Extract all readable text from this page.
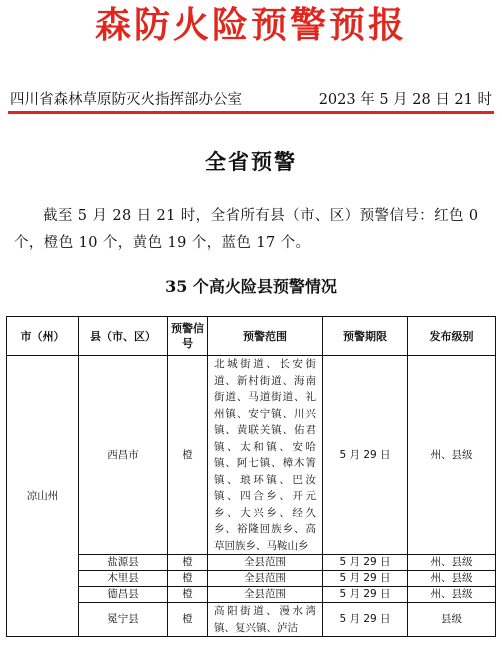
森防火险预警预报
四川省森林草原防灭火指挥部办公室	2023 年 5 月 28 日 21 时
全省预警
截至 5 月 28 日 21 时，全省所有县（市、区）预警信号：红色 0 个，橙色 10 个，黄色 19 个，蓝色 17 个。
35 个高火险县预警情况
市（州）	县（市、区）	预警信号	预警范围	预警期限	发布级别
凉山州	西昌市	橙	北城街道、长安街道、新村街道、海南街道、马道街道、礼州镇、安宁镇、川兴镇、黄联关镇、佑君镇、太和镇、安哈镇、阿七镇、樟木箐镇、琅环镇、巴汝镇、四合乡、开元乡、大兴乡、经久乡、裕隆回族乡、高草回族乡、马鞍山乡	5 月 29 日	州、县级
	盐源县	橙	全县范围	5 月 29 日	州、县级
	木里县	橙	全县范围	5 月 29 日	州、县级
	德昌县	橙	全县范围	5 月 29 日	州、县级
	冕宁县	橙	高阳街道、漫水湾镇、复兴镇、泸沽	5 月 29 日	县级
